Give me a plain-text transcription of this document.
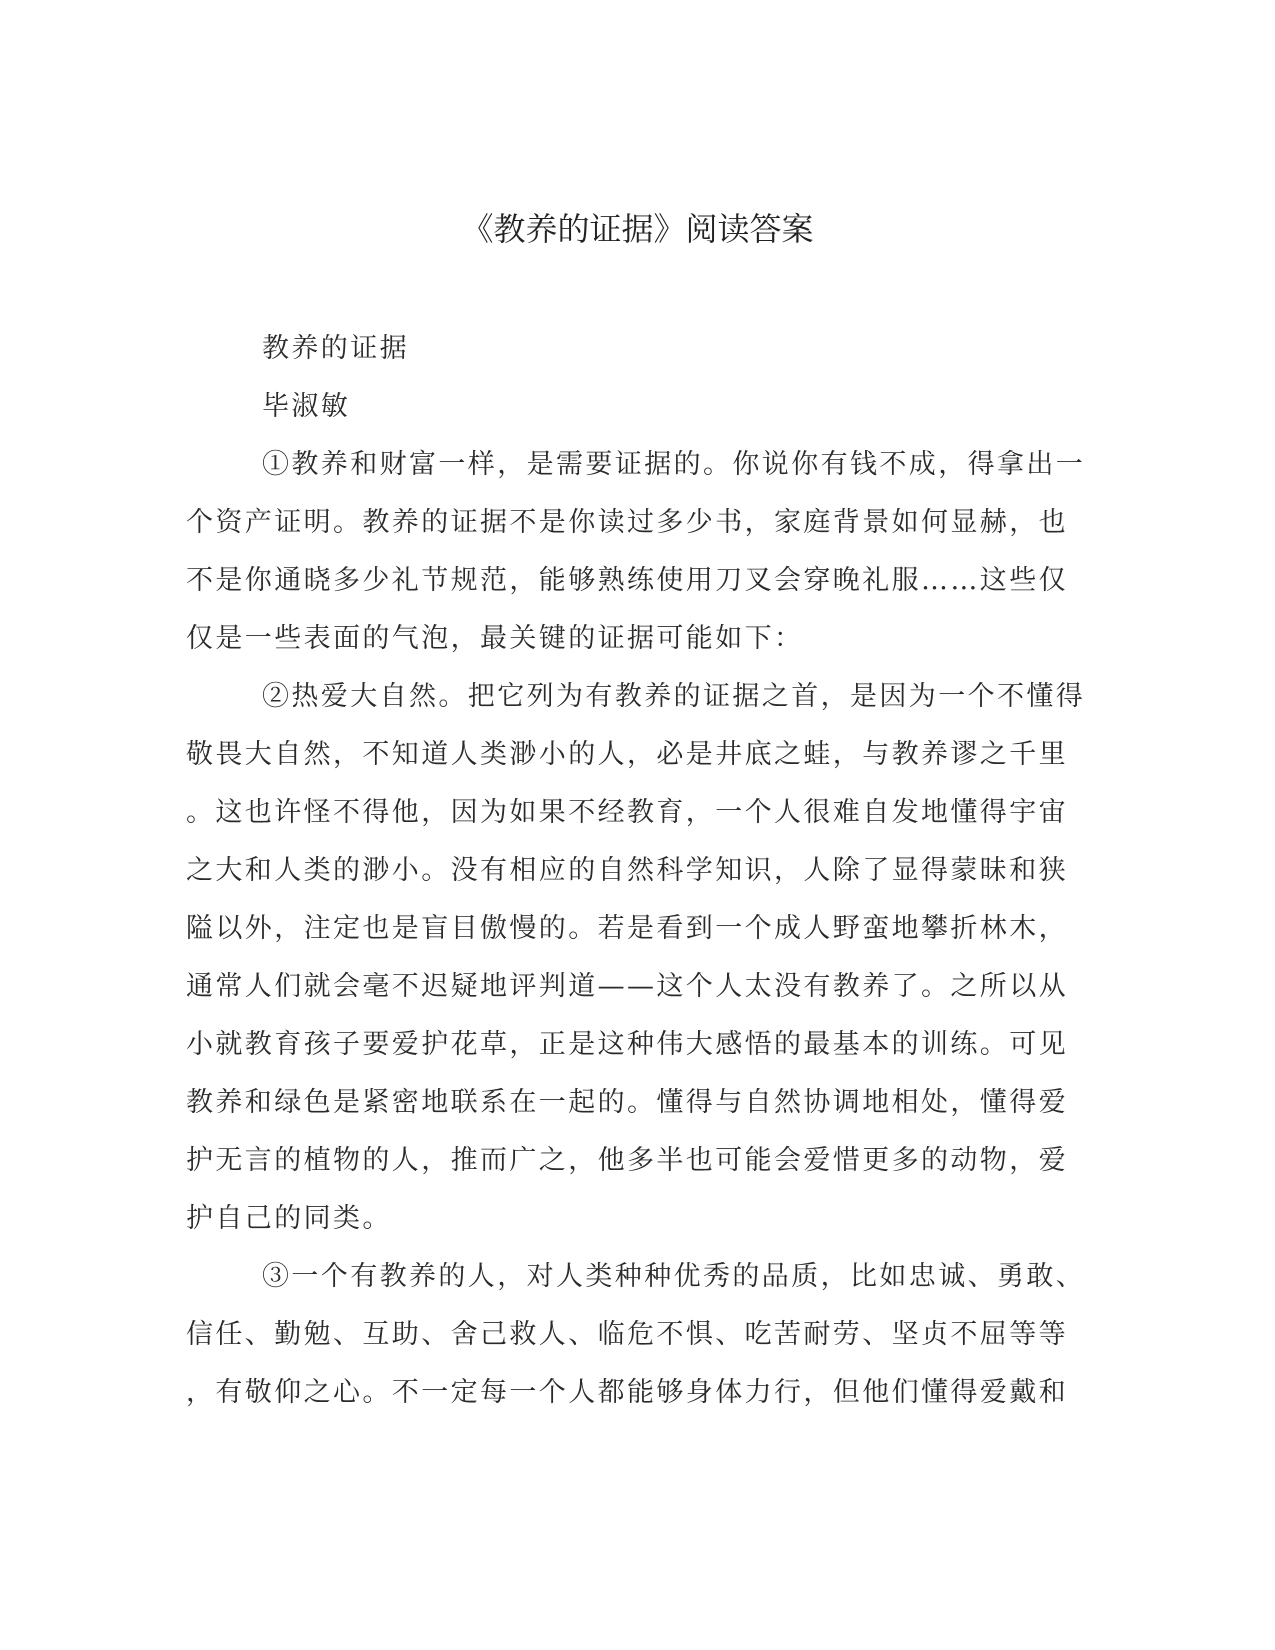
《教养的证据》阅读答案
教养的证据
毕淑敏
①教养和财富一样，是需要证据的。你说你有钱不成，得拿出一
个资产证明。教养的证据不是你读过多少书，家庭背景如何显赫，也
不是你通晓多少礼节规范，能够熟练使用刀叉会穿晚礼服……这些仅
仅是一些表面的气泡，最关键的证据可能如下：
②热爱大自然。把它列为有教养的证据之首，是因为一个不懂得
敬畏大自然，不知道人类渺小的人，必是井底之蛙，与教养谬之千里
。这也许怪不得他，因为如果不经教育，一个人很难自发地懂得宇宙
之大和人类的渺小。没有相应的自然科学知识，人除了显得蒙昧和狭
隘以外，注定也是盲目傲慢的。若是看到一个成人野蛮地攀折林木，
通常人们就会毫不迟疑地评判道——这个人太没有教养了。之所以从
小就教育孩子要爱护花草，正是这种伟大感悟的最基本的训练。可见
教养和绿色是紧密地联系在一起的。懂得与自然协调地相处，懂得爱
护无言的植物的人，推而广之，他多半也可能会爱惜更多的动物，爱
护自己的同类。
③一个有教养的人，对人类种种优秀的品质，比如忠诚、勇敢、
信任、勤勉、互助、舍己救人、临危不惧、吃苦耐劳、坚贞不屈等等
，有敬仰之心。不一定每一个人都能够身体力行，但他们懂得爱戴和
